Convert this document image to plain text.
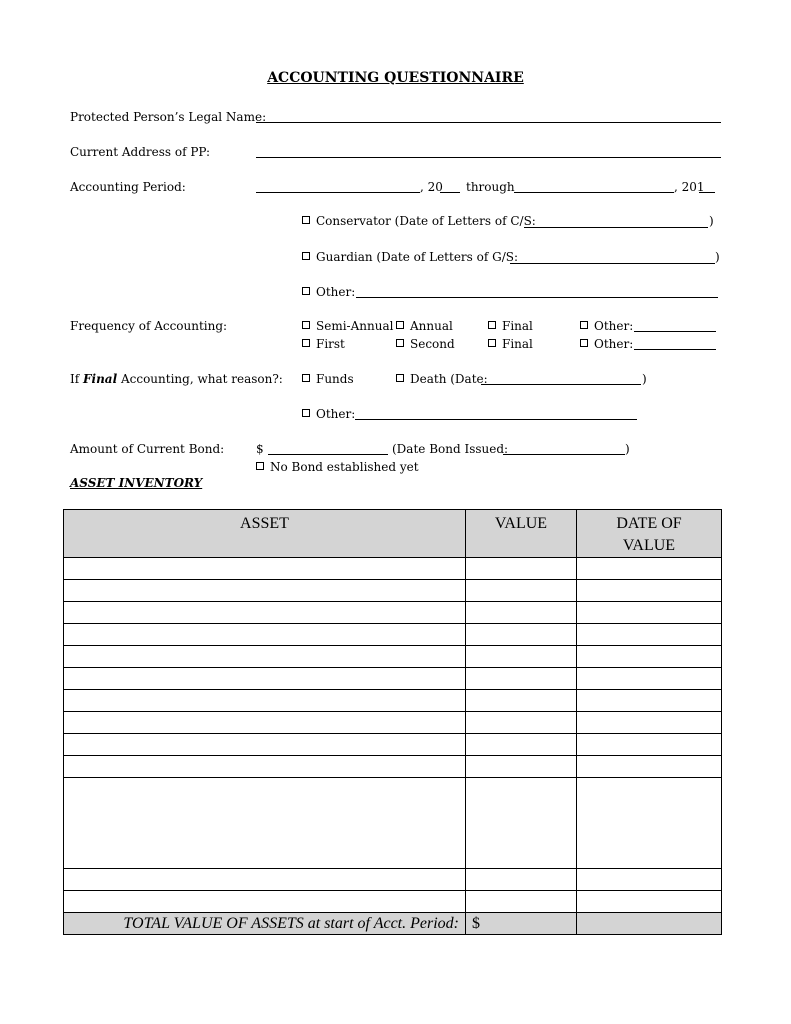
ACCOUNTING QUESTIONNAIRE
Protected Person’s Legal Name:
Current Address of PP:
Accounting Period:	, 20 through	, 201
Conservator (Date of Letters of C/S:	)
Guardian (Date of Letters of G/S:	)
Other:
Frequency of Accounting:	Semi-Annual	Annual	Final	Other:
First	Second	Final	Other:
If Final Accounting, what reason?:	Funds	Death (Date:	)
Other:
Amount of Current Bond:	$	(Date Bond Issued:	)
No Bond established yet
ASSET INVENTORY
ASSET	VALUE	DATE OF VALUE

TOTAL VALUE OF ASSETS at start of Acct. Period:	$	
